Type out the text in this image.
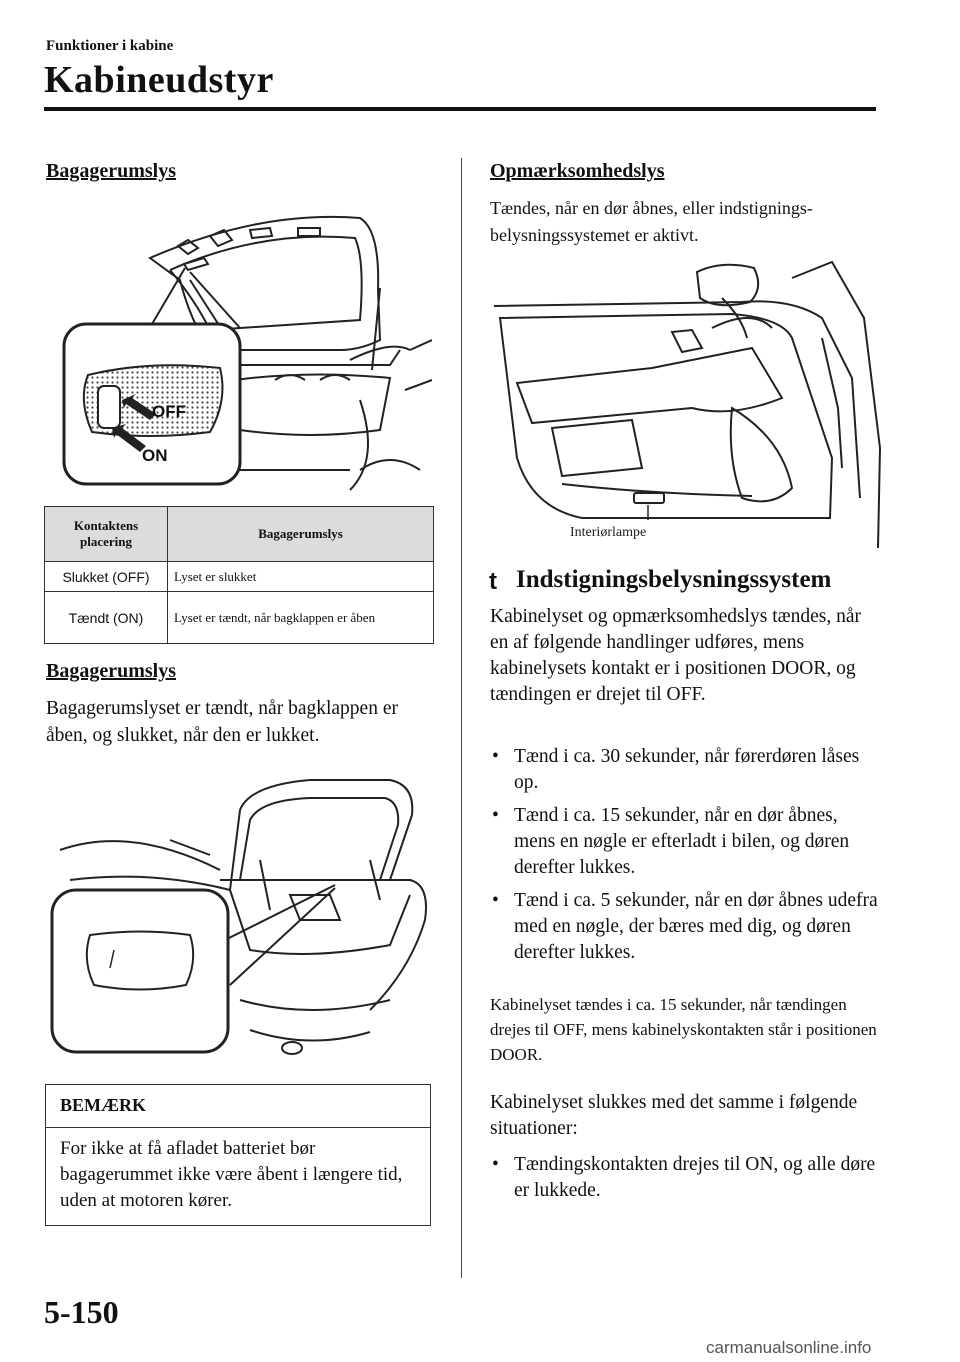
Funktioner i kabine
Kabineudstyr
Bagagerumslys
OFF
ON
Kontaktens placering	Bagagerumslys
Slukket (OFF)	Lyset er slukket
Tændt (ON)	Lyset er tændt, når bagklappen er åben
Bagagerumslys
Bagagerumslyset er tændt, når bagklappen er åben, og slukket, når den er lukket.
BEMÆRK
For ikke at få afladet batteriet bør bagagerummet ikke være åbent i længere tid, uden at motoren kører.
Opmærksomhedslys
Tændes, når en dør åbnes, eller indstignings-belysningssystemet er aktivt.
Interiørlampe
t Indstigningsbelysningssystem
Kabinelyset og opmærksomhedslys tændes, når en af følgende handlinger udføres, mens kabinelysets kontakt er i positionen DOOR, og tændingen er drejet til OFF.
• Tænd i ca. 30 sekunder, når førerdøren låses op.
• Tænd i ca. 15 sekunder, når en dør åbnes, mens en nøgle er efterladt i bilen, og døren derefter lukkes.
• Tænd i ca. 5 sekunder, når en dør åbnes udefra med en nøgle, der bæres med dig, og døren derefter lukkes.
Kabinelyset tændes i ca. 15 sekunder, når tændingen drejes til OFF, mens kabinelyskontakten står i positionen DOOR.
Kabinelyset slukkes med det samme i følgende situationer:
• Tændingskontakten drejes til ON, og alle døre er lukkede.
5-150
carmanualsonline.info
